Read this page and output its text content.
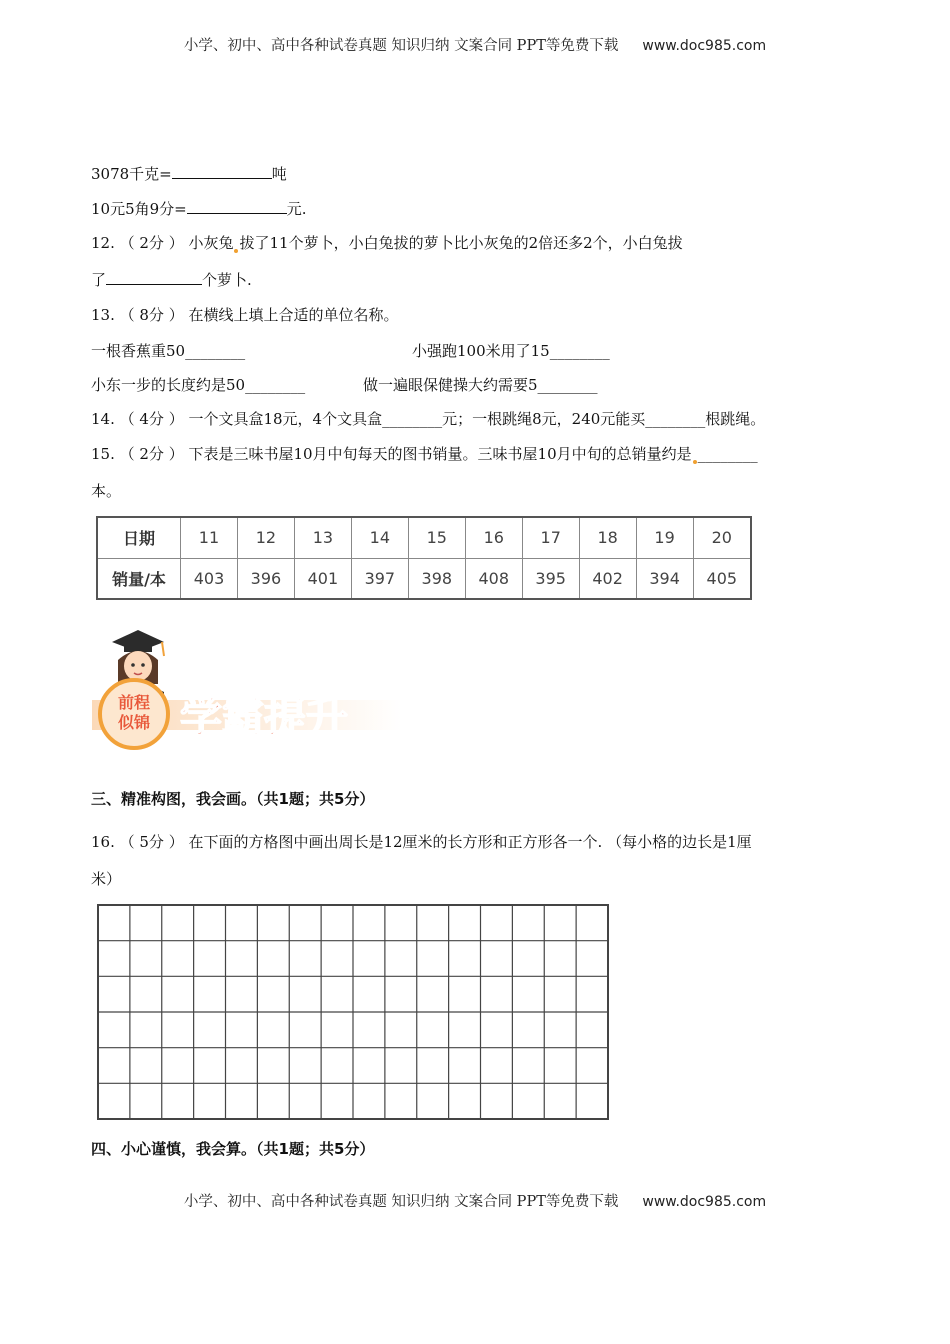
小学、初中、高中各种试卷真题 知识归纳 文案合同 PPT等免费下载 www.doc985.com
3078千克=	吨
10元5角9分=	元.
12. （ 2分 ） 小灰兔 拔了11个萝卜，小白兔拔的萝卜比小灰兔的2倍还多2个，小白兔拔
了	个萝卜.
13. （ 8分 ） 在横线上填上合适的单位名称。
一根香蕉重50________	小强跑100米用了15________
小东一步的长度约是50________	做一遍眼保健操大约需要5________
14. （ 4分 ） 一个文具盒18元，4个文具盒________元；一根跳绳8元，240元能买________根跳绳。
15. （ 2分 ） 下表是三味书屋10月中旬每天的图书销量。三味书屋10月中旬的总销量约是 ________
本。
日期	11	12	13	14	15	16	17	18	19	20
销量/本	403	396	401	397	398	408	395	402	394	405
前程
似锦 学霸提升
三、精准构图，我会画。（共1题；共5分）
16. （ 5分 ） 在下面的方格图中画出周长是12厘米的长方形和正方形各一个. （每小格的边长是1厘
米）
四、小心谨慎，我会算。（共1题；共5分）
小学、初中、高中各种试卷真题 知识归纳 文案合同 PPT等免费下载 www.doc985.com
